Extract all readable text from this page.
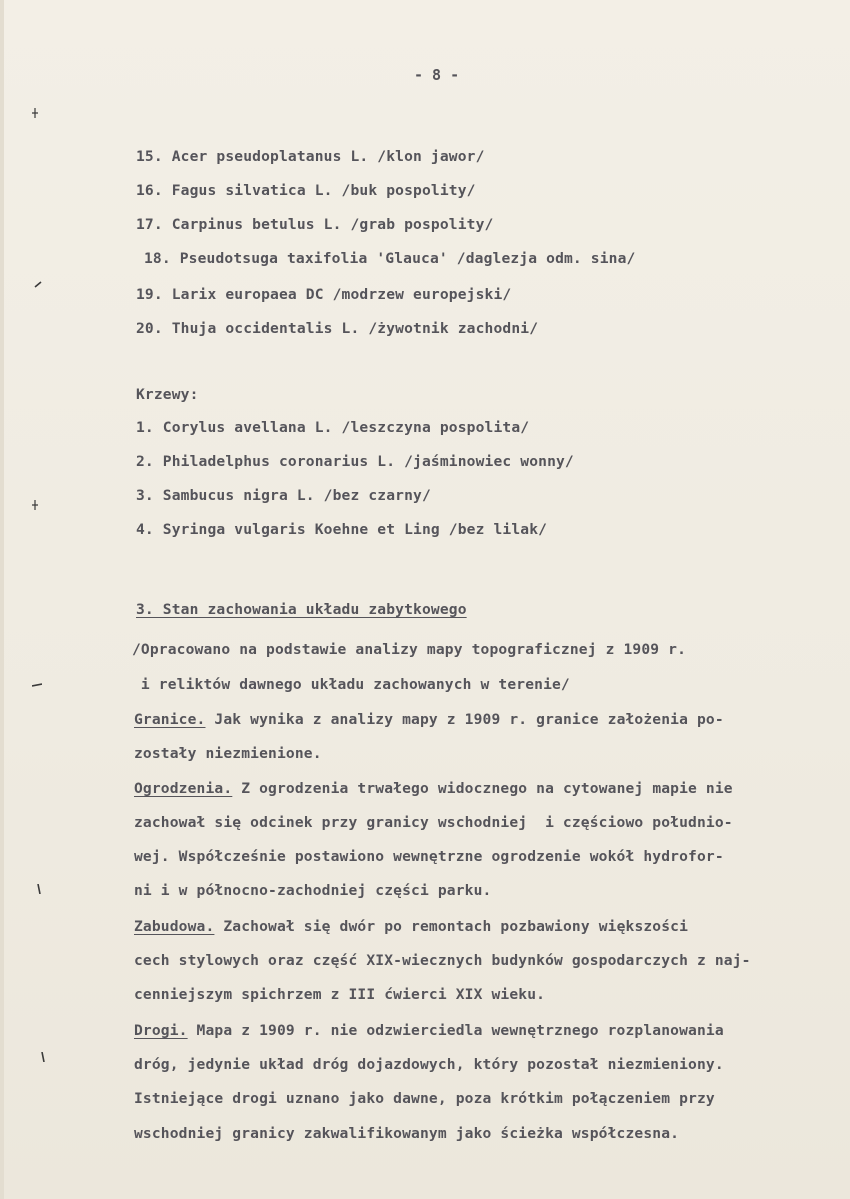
- 8 -
15. Acer pseudoplatanus L. /klon jawor/
16. Fagus silvatica L. /buk pospolity/
17. Carpinus betulus L. /grab pospolity/
18. Pseudotsuga taxifolia 'Glauca' /daglezja odm. sina/
19. Larix europaea DC /modrzew europejski/
20. Thuja occidentalis L. /żywotnik zachodni/
Krzewy:
1. Corylus avellana L. /leszczyna pospolita/
2. Philadelphus coronarius L. /jaśminowiec wonny/
3. Sambucus nigra L. /bez czarny/
4. Syringa vulgaris Koehne et Ling /bez lilak/
3. Stan zachowania układu zabytkowego
/Opracowano na podstawie analizy mapy topograficznej z 1909 r.
i reliktów dawnego układu zachowanych w terenie/
Granice. Jak wynika z analizy mapy z 1909 r. granice założenia po-
zostały niezmienione.
Ogrodzenia. Z ogrodzenia trwałego widocznego na cytowanej mapie nie
zachował się odcinek przy granicy wschodniej  i częściowo południo-
wej. Współcześnie postawiono wewnętrzne ogrodzenie wokół hydrofor-
ni i w północno-zachodniej części parku.
Zabudowa. Zachował się dwór po remontach pozbawiony większości
cech stylowych oraz część XIX-wiecznych budynków gospodarczych z naj-
cenniejszym spichrzem z III ćwierci XIX wieku.
Drogi. Mapa z 1909 r. nie odzwierciedla wewnętrznego rozplanowania
dróg, jedynie układ dróg dojazdowych, który pozostał niezmieniony.
Istniejące drogi uznano jako dawne, poza krótkim połączeniem przy
wschodniej granicy zakwalifikowanym jako ścieżka współczesna.
